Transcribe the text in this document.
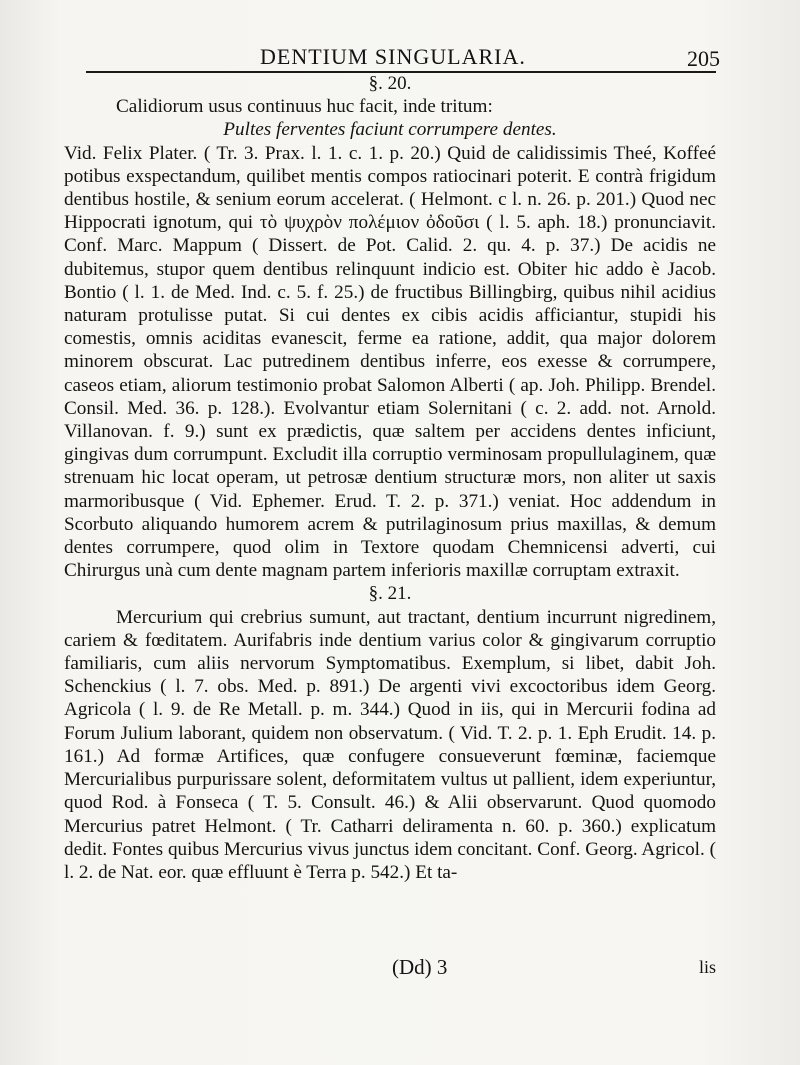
DENTIUM SINGULARIA.	205

§. 20.

Calidiorum usus continuus huc facit, inde tritum:

Pultes ferventes faciunt corrumpere dentes.

Vid. Felix Plater. ( Tr. 3. Prax. l. 1. c. 1. p. 20.) Quid de calidissimis Theé, Koffeé potibus exspectandum, quilibet mentis compos ratiocinari poterit. E contrà frigidum dentibus hostile, & senium eorum accelerat. ( Helmont. c l. n. 26. p. 201.) Quod nec Hippocrati ignotum, qui τὸ ψυχρὸν πολέμιον ὀδοῦσι ( l. 5. aph. 18.) pronunciavit. Conf. Marc. Mappum ( Dissert. de Pot. Calid. 2. qu. 4. p. 37.) De acidis ne dubitemus, stupor quem dentibus relinquunt indicio est. Obiter hic addo è Jacob. Bontio ( l. 1. de Med. Ind. c. 5. f. 25.) de fructibus Billingbirg, quibus nihil acidius naturam protulisse putat. Si cui dentes ex cibis acidis afficiantur, stupidi his comestis, omnis aciditas evanescit, ferme ea ratione, addit, qua major dolorem minorem obscurat. Lac putredinem dentibus inferre, eos exesse & corrumpere, caseos etiam, aliorum testimonio probat Salomon Alberti ( ap. Joh. Philipp. Brendel. Consil. Med. 36. p. 128.). Evolvantur etiam Solernitani ( c. 2. add. not. Arnold. Villanovan. f. 9.) sunt ex prædictis, quæ saltem per accidens dentes inficiunt, gingivas dum corrumpunt. Excludit illa corruptio verminosam propullulaginem, quæ strenuam hic locat operam, ut petrosæ dentium structuræ mors, non aliter ut saxis marmoribusque ( Vid. Ephemer. Erud. T. 2. p. 371.) veniat. Hoc addendum in Scorbuto aliquando humorem acrem & putrilaginosum prius maxillas, & demum dentes corrumpere, quod olim in Textore quodam Chemnicensi adverti, cui Chirurgus unà cum dente magnam partem inferioris maxillæ corruptam extraxit.

§. 21.

Mercurium qui crebrius sumunt, aut tractant, dentium incurrunt nigredinem, cariem & fœditatem. Aurifabris inde dentium varius color & gingivarum corruptio familiaris, cum aliis nervorum Symptomatibus. Exemplum, si libet, dabit Joh. Schenckius ( l. 7. obs. Med. p. 891.) De argenti vivi excoctoribus idem Georg. Agricola ( l. 9. de Re Metall. p. m. 344.) Quod in iis, qui in Mercurii fodina ad Forum Julium laborant, quidem non observatum. ( Vid. T. 2. p. 1. Eph Erudit. 14. p. 161.) Ad formæ Artifices, quæ confugere consueverunt fœminæ, faciemque Mercurialibus purpurissare solent, deformitatem vultus ut pallient, idem experiuntur, quod Rod. à Fonseca ( T. 5. Consult. 46.) & Alii observarunt. Quod quomodo Mercurius patret Helmont. ( Tr. Catharri deliramenta n. 60. p. 360.) explicatum dedit. Fontes quibus Mercurius vivus junctus idem concitant. Conf. Georg. Agricol. ( l. 2. de Nat. eor. quæ effluunt è Terra p. 542.) Et ta-

(Dd) 3	lis
